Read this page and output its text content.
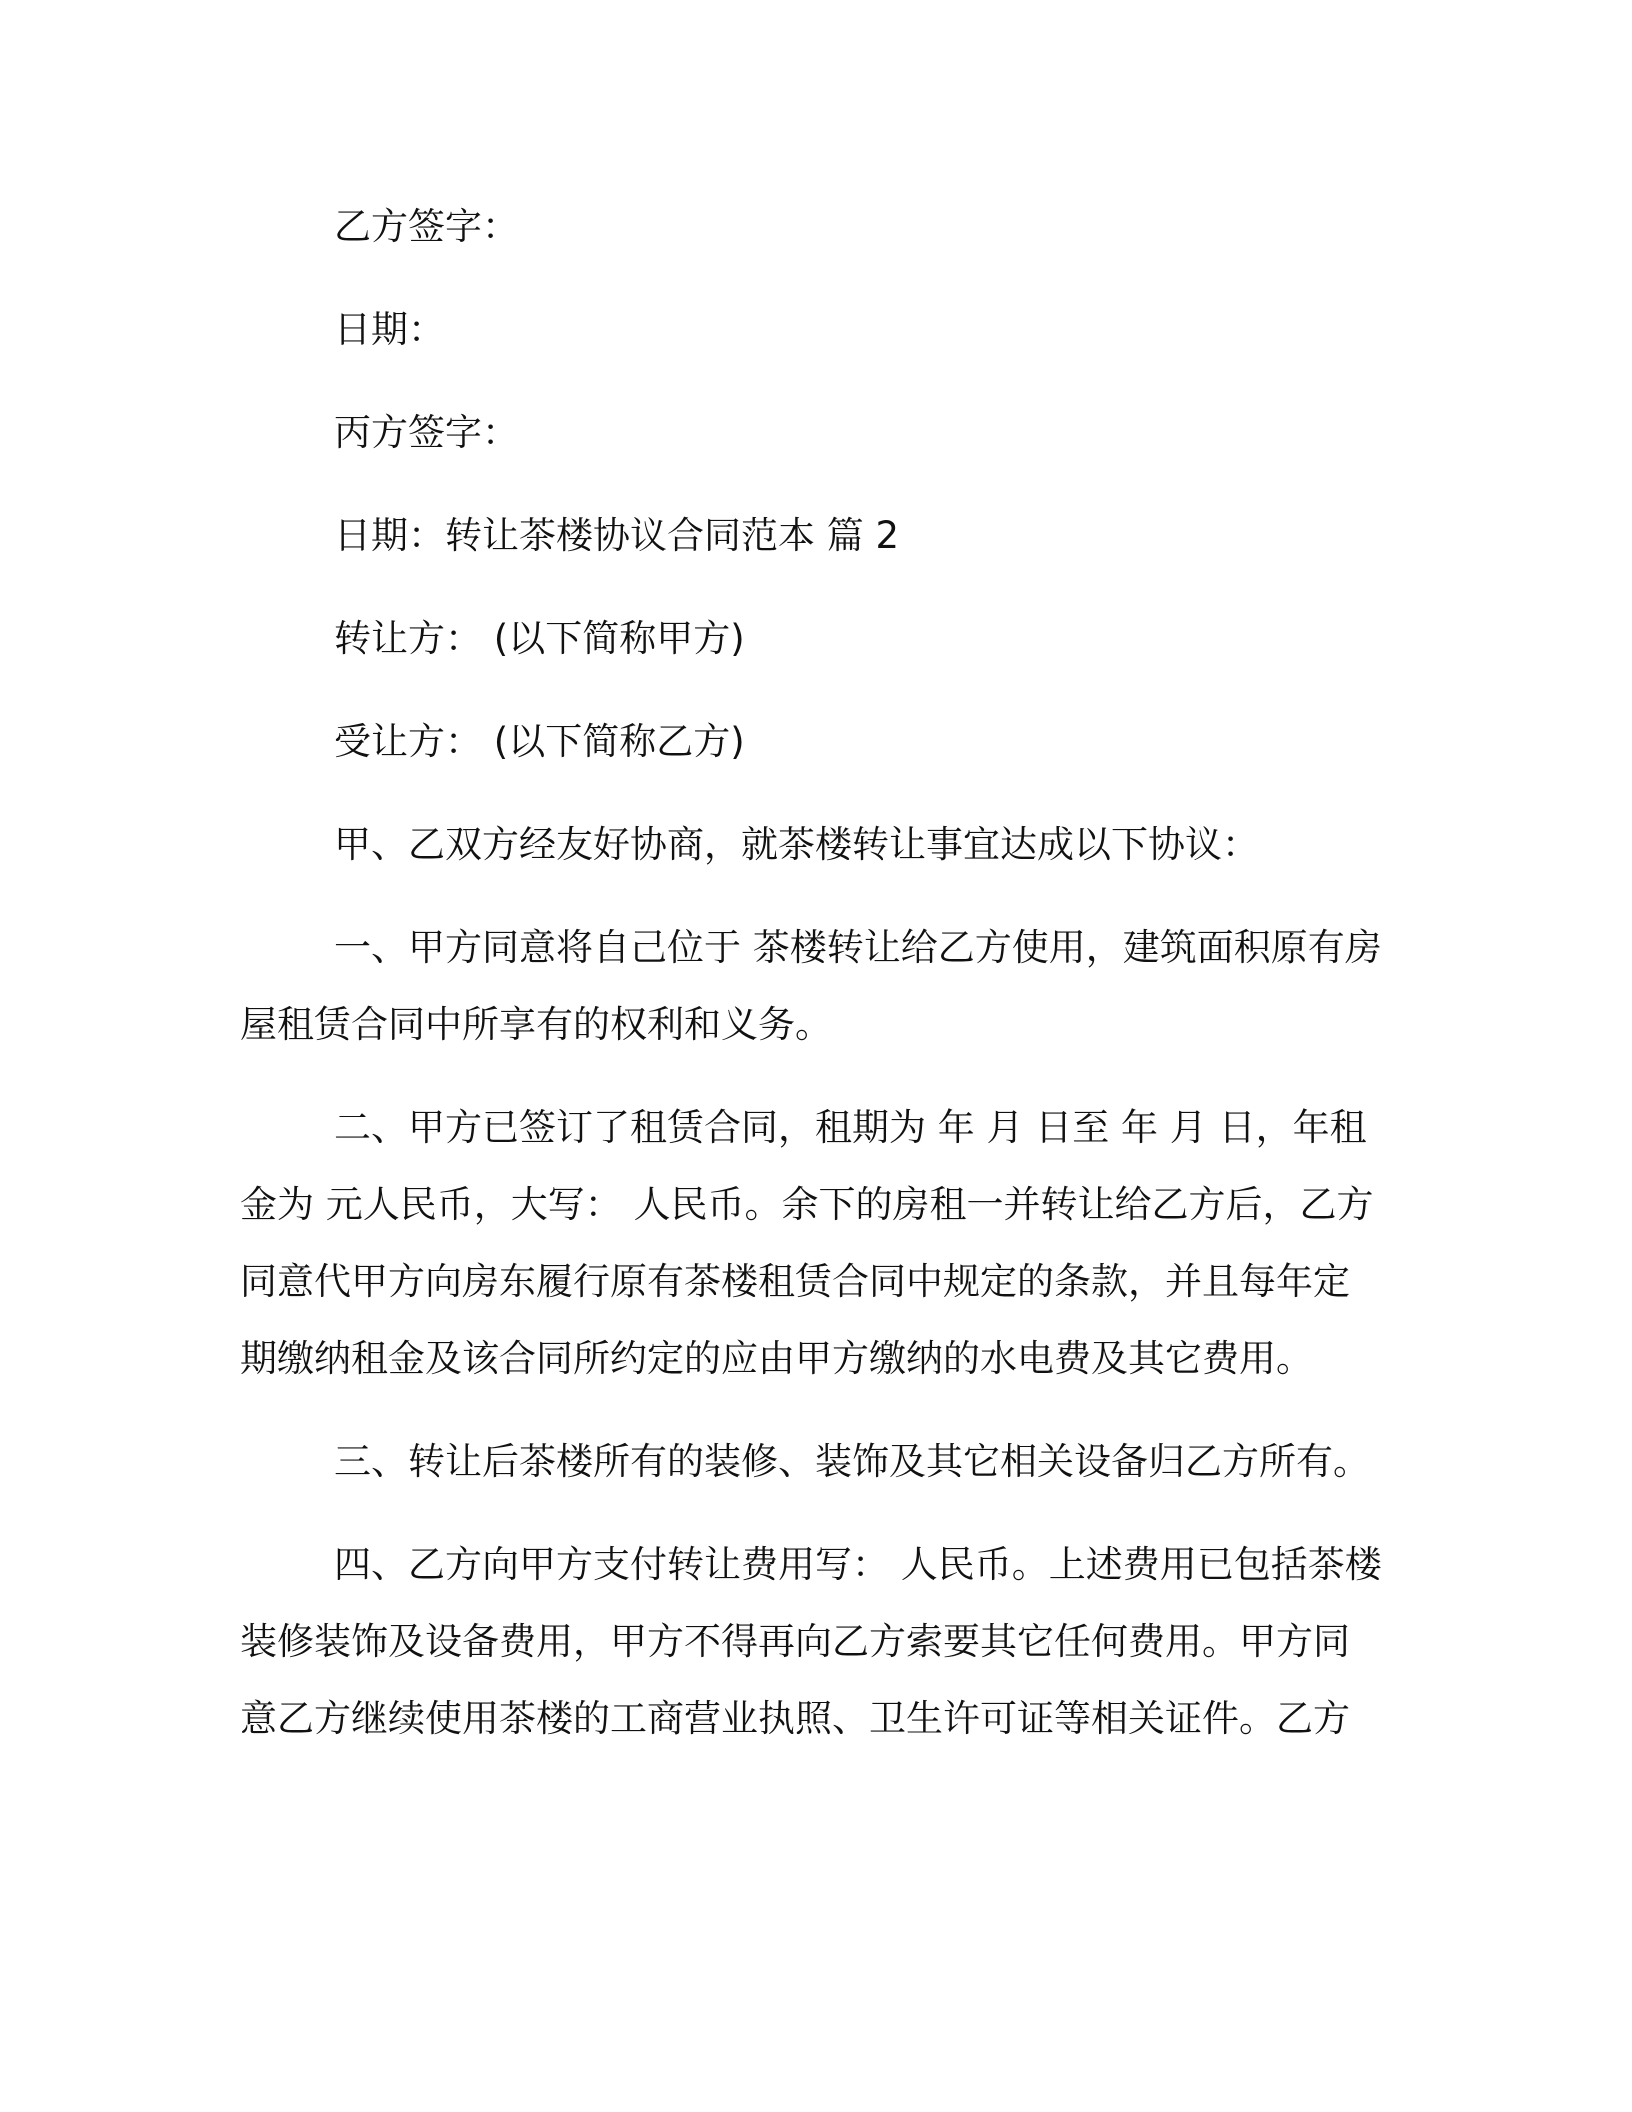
乙方签字：

日期：

丙方签字：

日期：转让茶楼协议合同范本 篇 2

转让方： (以下简称甲方)

受让方： (以下简称乙方)

甲、乙双方经友好协商，就茶楼转让事宜达成以下协议：

一、甲方同意将自己位于 茶楼转让给乙方使用，建筑面积原有房
屋租赁合同中所享有的权利和义务。
二、甲方已签订了租赁合同，租期为 年 月 日至 年 月 日，年租
金为 元人民币，大写： 人民币。余下的房租一并转让给乙方后，乙方
同意代甲方向房东履行原有茶楼租赁合同中规定的条款，并且每年定
期缴纳租金及该合同所约定的应由甲方缴纳的水电费及其它费用。

三、转让后茶楼所有的装修、装饰及其它相关设备归乙方所有。

四、乙方向甲方支付转让费用写： 人民币。上述费用已包括茶楼
装修装饰及设备费用，甲方不得再向乙方索要其它任何费用。甲方同
意乙方继续使用茶楼的工商营业执照、卫生许可证等相关证件。乙方
